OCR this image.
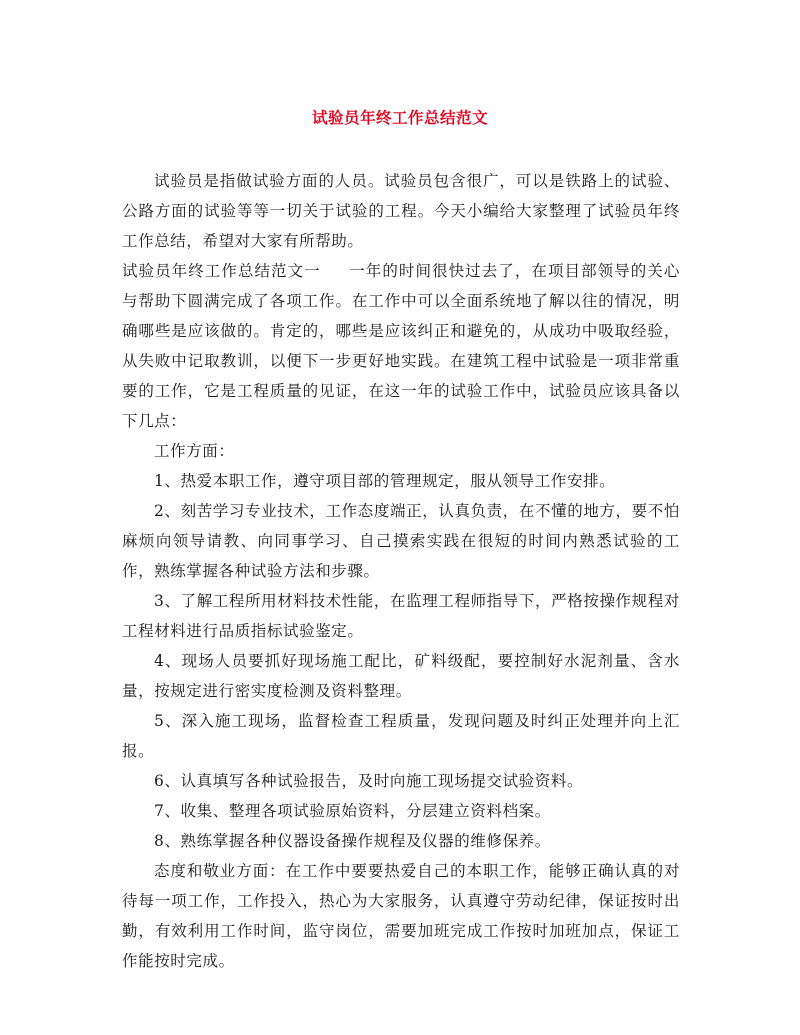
试验员年终工作总结范文

试验员是指做试验方面的人员。试验员包含很广，可以是铁路上的试验、公路方面的试验等等一切关于试验的工程。今天小编给大家整理了试验员年终工作总结，希望对大家有所帮助。

试验员年终工作总结范文一 一年的时间很快过去了，在项目部领导的关心与帮助下圆满完成了各项工作。在工作中可以全面系统地了解以往的情况，明确哪些是应该做的。肯定的，哪些是应该纠正和避免的，从成功中吸取经验，从失败中记取教训，以便下一步更好地实践。在建筑工程中试验是一项非常重要的工作，它是工程质量的见证，在这一年的试验工作中，试验员应该具备以下几点：

工作方面：

1、热爱本职工作，遵守项目部的管理规定，服从领导工作安排。

2、刻苦学习专业技术，工作态度端正，认真负责，在不懂的地方，要不怕麻烦向领导请教、向同事学习、自己摸索实践在很短的时间内熟悉试验的工作，熟练掌握各种试验方法和步骤。

3、了解工程所用材料技术性能，在监理工程师指导下，严格按操作规程对工程材料进行品质指标试验鉴定。

4、现场人员要抓好现场施工配比，矿料级配，要控制好水泥剂量、含水量，按规定进行密实度检测及资料整理。

5、深入施工现场，监督检查工程质量，发现问题及时纠正处理并向上汇报。

6、认真填写各种试验报告，及时向施工现场提交试验资料。

7、收集、整理各项试验原始资料，分层建立资料档案。

8、熟练掌握各种仪器设备操作规程及仪器的维修保养。

态度和敬业方面：在工作中要要热爱自己的本职工作，能够正确认真的对待每一项工作，工作投入，热心为大家服务，认真遵守劳动纪律，保证按时出勤，有效利用工作时间，监守岗位，需要加班完成工作按时加班加点，保证工作能按时完成。
